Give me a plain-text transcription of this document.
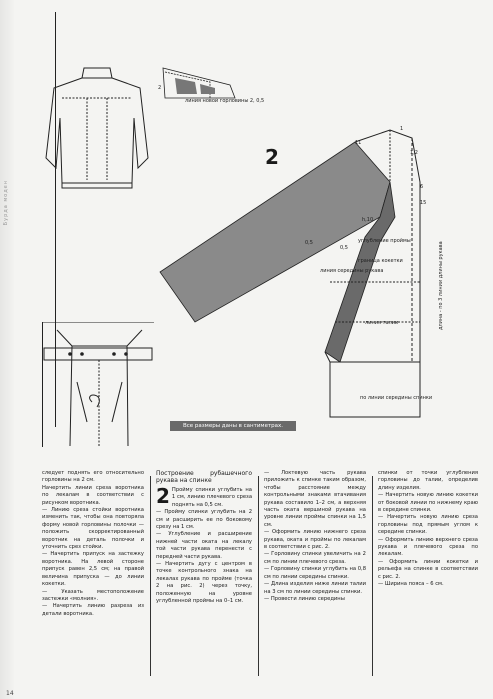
Бурда моден
линия новой горловины 2, 0,5
2
2
1
11
h,10
0,5
1,2
6
15
0,5
углубление проймы
граница кокетки
линия середины рукава
линия талии
по линии середины спинки
длина - по 3 линии длины рукава
Все размеры даны в сантиметрах.

следует поднять его относительно горловины на 2 см.

Начертить линии среза воротника по лекалам в соответствии с рисунком воротника.

— Линию среза стойки воротника изменить так, чтобы она повторяла форму новой горловины полочки — положить скорректированный воротник на деталь полочки и уточнить срез стойки.

— Начертить припуск на застежку воротника. На левой стороне припуск равен 2,5 см; на правой величина припуска — до линии кокетки.

— Указать местоположение застежки «молния».

— Начертить линию разреза из детали воротника.

Построение рубашечного рукава на спинке
2 Пройму спинки углубить на 1 см, линию плечевого среза поднять на 0,5 см.

— Пройму спинки углубить на 2 см и расширить ее по боковому срезу на 1 см.

— Углубление и расширение нижней части оката на лекалу той части рукава перенести с передней части рукава.

— Начертить дугу с центром в точке контрольного знака на лекалах рукава по пройме (точка 2 на рис. 2) через точку, положенную на уровне углубленной проймы на 0–1 см.

— Локтевую часть рукава приложить к спинке таким образом, чтобы расстояние между контрольными знаками втачивания рукава составило 1–2 см, а верхняя часть оката вершиной рукава на уровне линии проймы спинки на 1,5 см.

— Оформить линию нижнего среза рукава, оката и проймы по лекалам в соответствии с рис. 2.

— Горловину спинки увеличить на 2 см по линии плечевого среза.

— Горловину спинки углубить на 0,8 см по линии середины спинки.

— Длина изделия ниже линии талии на 3 см по линии середины спинки.

— Провести линию середины

спинки от точки углубления горловины до талии, определив длину изделия.

— Начертить новую линию кокетки от боковой линии по нижнему краю в середине спинки.

— Начертить новую линию среза горловины под прямым углом к середине спинки.

— Оформить линию верхнего среза рукава и плечевого среза по лекалам.

— Оформить линии кокетки и рельефа на спинке в соответствии с рис. 2.

— Ширина пояса – 6 см.

14
